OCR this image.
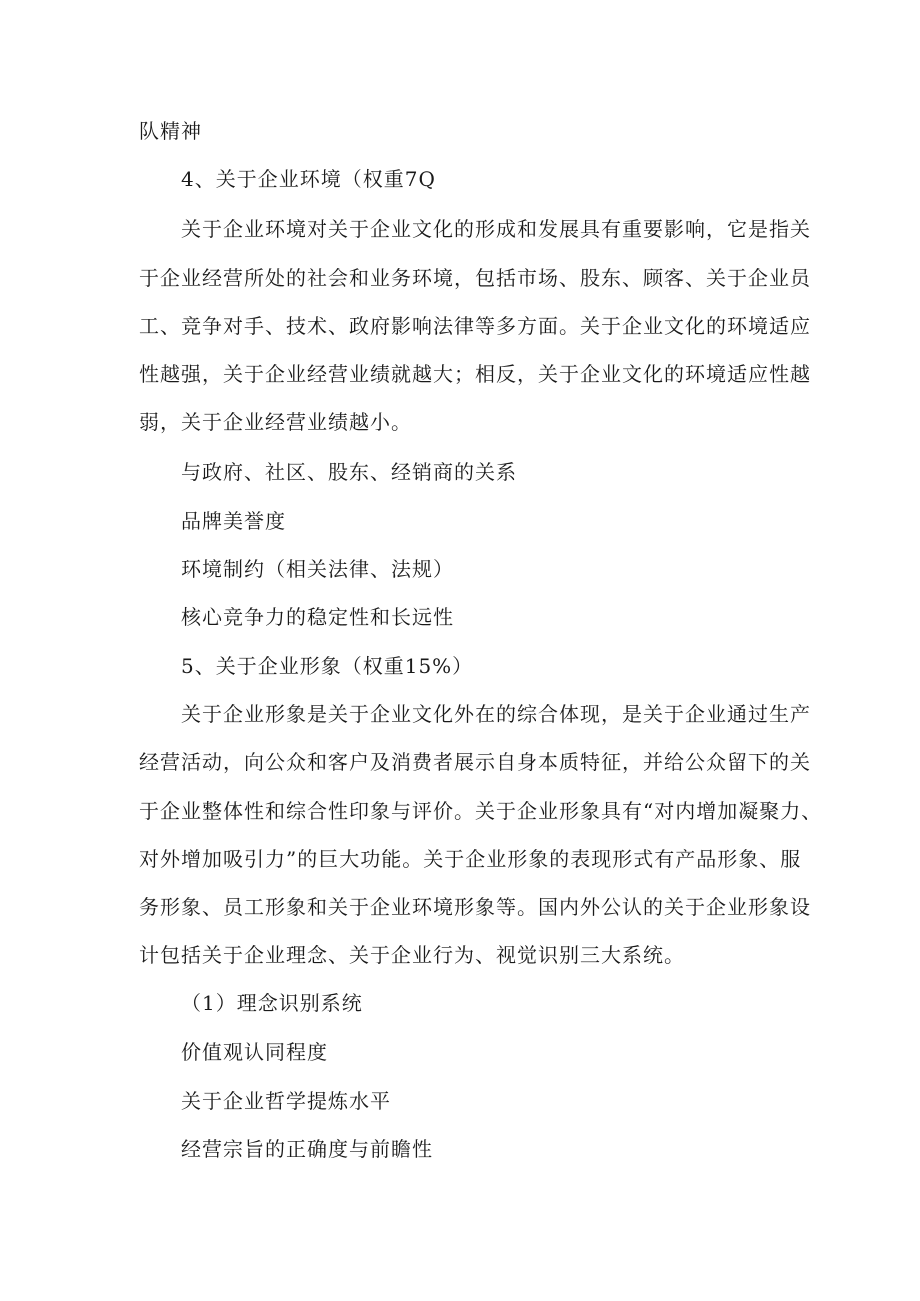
队精神
4、关于企业环境（权重7Q
关于企业环境对关于企业文化的形成和发展具有重要影响，它是指关
于企业经营所处的社会和业务环境，包括市场、股东、顾客、关于企业员
工、竞争对手、技术、政府影响法律等多方面。关于企业文化的环境适应
性越强，关于企业经营业绩就越大；相反，关于企业文化的环境适应性越
弱，关于企业经营业绩越小。
与政府、社区、股东、经销商的关系
品牌美誉度
环境制约（相关法律、法规）
核心竞争力的稳定性和长远性
5、关于企业形象（权重15%）
关于企业形象是关于企业文化外在的综合体现，是关于企业通过生产
经营活动，向公众和客户及消费者展示自身本质特征，并给公众留下的关
于企业整体性和综合性印象与评价。关于企业形象具有“对内增加凝聚力、
对外增加吸引力”的巨大功能。关于企业形象的表现形式有产品形象、服
务形象、员工形象和关于企业环境形象等。国内外公认的关于企业形象设
计包括关于企业理念、关于企业行为、视觉识别三大系统。
（1）理念识别系统
价值观认同程度
关于企业哲学提炼水平
经营宗旨的正确度与前瞻性
